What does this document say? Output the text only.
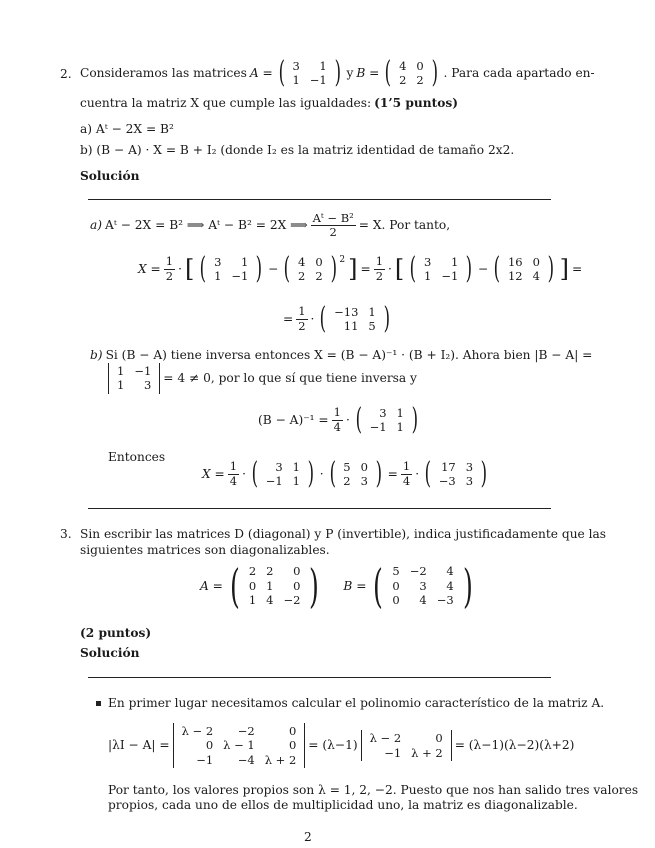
2. Consideramos las matrices A = ( 3	1
1	−1 ) y B = ( 4	0
2	2 ) . Para cada apartado en-
cuentra la matriz X que cumple las igualdades: (1’5 puntos)
a) Aᵗ − 2X = B²
b) (B − A) · X = B + I₂ (donde I₂ es la matriz identidad de tamaño 2x2.
Solución
a) Aᵗ − 2X = B² ⟹ Aᵗ − B² = 2X ⟹ $\frac{\text{Aᵗ − B²}}{2} = X$. Por tanto,
$X = \frac{1}{2}$ · [ ( 3	1
1	−1 ) − ( 4	0
2	2 ) $^2$ ] = $\frac{1}{2}$ · [ ( 3	1
1	−1 ) − ( 16	0
12	4 ) ] =
= $\frac{1}{2}$ · ( −13	1
11	5 )
b) Si (B − A) tiene inversa entonces X = (B − A)⁻¹ · (B + I₂). Ahora bien |B − A| =
1	−1
1	3
= 4 ≠ 0, por lo que sí que tiene inversa y
$(B - A)^{-1} = \frac{1}{4}$ · ( 3	1
−1	1 )
Entonces
$X = \frac{1}{4}$ · ( 3	1
−1	1 ) · ( 5	0
2	3 ) = $\frac{1}{4}$ · ( 17	3
−3	3 )
3. Sin escribir las matrices D (diagonal) y P (invertible), indica justificadamente que las
siguientes matrices son diagonalizables.
A = ( 2	2	0
0	1	0
1	4	−2 ) B = ( 5	−2	4
0	3	4
0	4	−3 )
(2 puntos)
Solución
En primer lugar necesitamos calcular el polinomio característico de la matriz A.
|λI − A| =
λ − 2	−2	0
0	λ − 1	0
−1	−4	λ + 2
= (λ−1)
λ − 2	0
−1	λ + 2
= (λ−1)(λ−2)(λ+2)
Por tanto, los valores propios son λ = 1, 2, −2. Puesto que nos han salido tres valores
propios, cada uno de ellos de multiplicidad uno, la matriz es diagonalizable.
2
